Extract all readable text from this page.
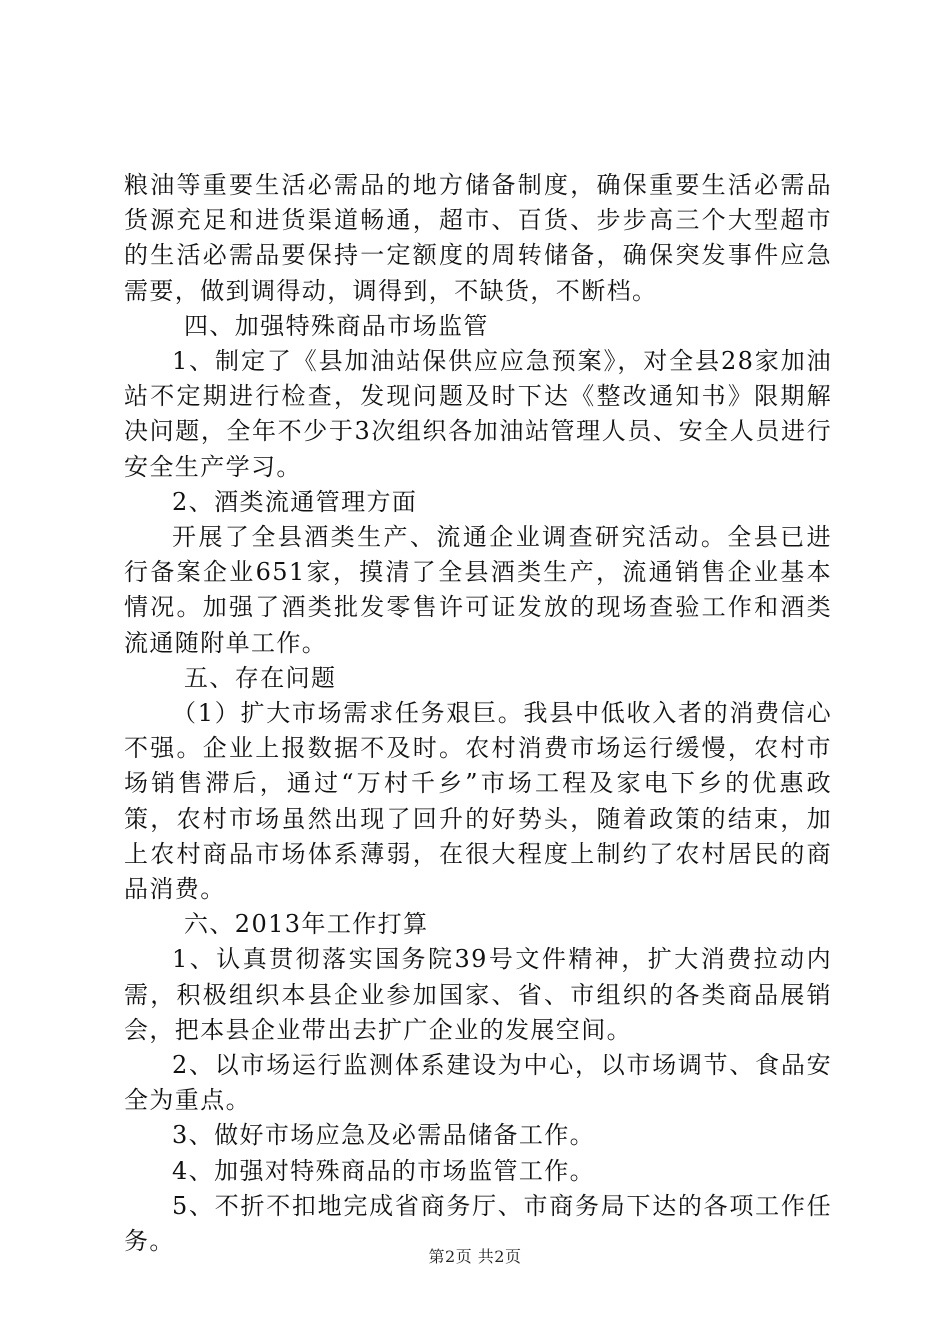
粮油等重要生活必需品的地方储备制度，确保重要生活必需品货源充足和进货渠道畅通，超市、百货、步步高三个大型超市的生活必需品要保持一定额度的周转储备，确保突发事件应急需要，做到调得动，调得到，不缺货，不断档。

四、加强特殊商品市场监管

1、制定了《县加油站保供应应急预案》，对全县28家加油站不定期进行检查，发现问题及时下达《整改通知书》限期解决问题，全年不少于3次组织各加油站管理人员、安全人员进行安全生产学习。

2、酒类流通管理方面

开展了全县酒类生产、流通企业调查研究活动。全县已进行备案企业651家，摸清了全县酒类生产，流通销售企业基本情况。加强了酒类批发零售许可证发放的现场查验工作和酒类流通随附单工作。

五、存在问题

（1）扩大市场需求任务艰巨。我县中低收入者的消费信心不强。企业上报数据不及时。农村消费市场运行缓慢，农村市场销售滞后，通过“万村千乡”市场工程及家电下乡的优惠政策，农村市场虽然出现了回升的好势头，随着政策的结束，加上农村商品市场体系薄弱，在很大程度上制约了农村居民的商品消费。

六、2013年工作打算

1、认真贯彻落实国务院39号文件精神，扩大消费拉动内需，积极组织本县企业参加国家、省、市组织的各类商品展销会，把本县企业带出去扩广企业的发展空间。

2、以市场运行监测体系建设为中心，以市场调节、食品安全为重点。

3、做好市场应急及必需品储备工作。

4、加强对特殊商品的市场监管工作。

5、不折不扣地完成省商务厅、市商务局下达的各项工作任务。

第2页 共2页
